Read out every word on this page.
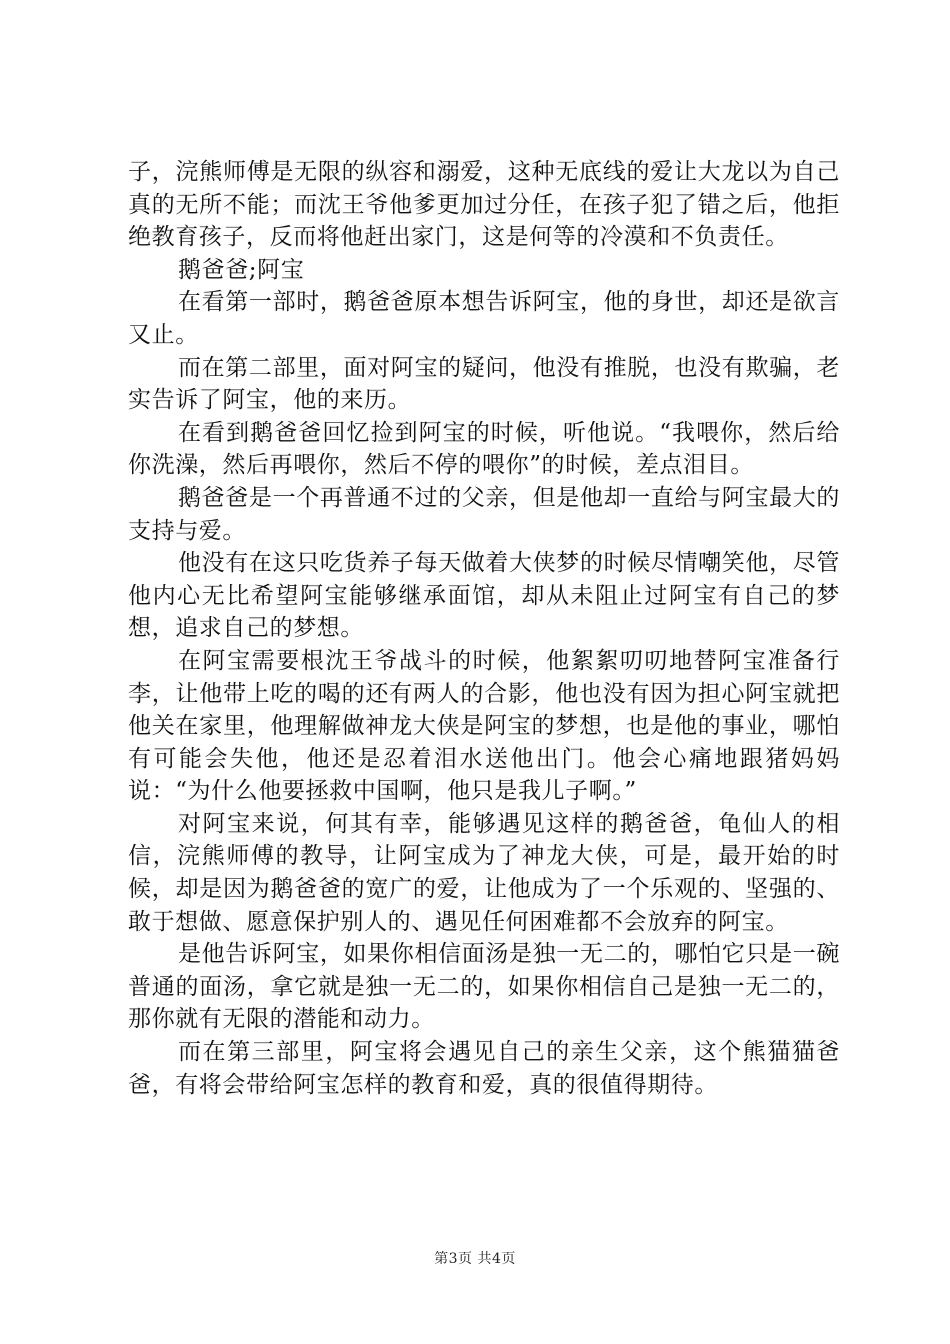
子，浣熊师傅是无限的纵容和溺爱，这种无底线的爱让大龙以为自己真的无所不能；而沈王爷他爹更加过分任，在孩子犯了错之后，他拒绝教育孩子，反而将他赶出家门，这是何等的冷漠和不负责任。

鹅爸爸;阿宝

在看第一部时，鹅爸爸原本想告诉阿宝，他的身世，却还是欲言又止。

而在第二部里，面对阿宝的疑问，他没有推脱，也没有欺骗，老实告诉了阿宝，他的来历。

在看到鹅爸爸回忆捡到阿宝的时候，听他说。“我喂你，然后给你洗澡，然后再喂你，然后不停的喂你”的时候，差点泪目。

鹅爸爸是一个再普通不过的父亲，但是他却一直给与阿宝最大的支持与爱。

他没有在这只吃货养子每天做着大侠梦的时候尽情嘲笑他，尽管他内心无比希望阿宝能够继承面馆，却从未阻止过阿宝有自己的梦想，追求自己的梦想。

在阿宝需要根沈王爷战斗的时候，他絮絮叨叨地替阿宝准备行李，让他带上吃的喝的还有两人的合影，他也没有因为担心阿宝就把他关在家里，他理解做神龙大侠是阿宝的梦想，也是他的事业，哪怕有可能会失他，他还是忍着泪水送他出门。他会心痛地跟猪妈妈说：“为什么他要拯救中国啊，他只是我儿子啊。”

对阿宝来说，何其有幸，能够遇见这样的鹅爸爸，龟仙人的相信，浣熊师傅的教导，让阿宝成为了神龙大侠，可是，最开始的时候，却是因为鹅爸爸的宽广的爱，让他成为了一个乐观的、坚强的、敢于想做、愿意保护别人的、遇见任何困难都不会放弃的阿宝。

是他告诉阿宝，如果你相信面汤是独一无二的，哪怕它只是一碗普通的面汤，拿它就是独一无二的，如果你相信自己是独一无二的，那你就有无限的潜能和动力。

而在第三部里，阿宝将会遇见自己的亲生父亲，这个熊猫猫爸爸，有将会带给阿宝怎样的教育和爱，真的很值得期待。

第3页 共4页
